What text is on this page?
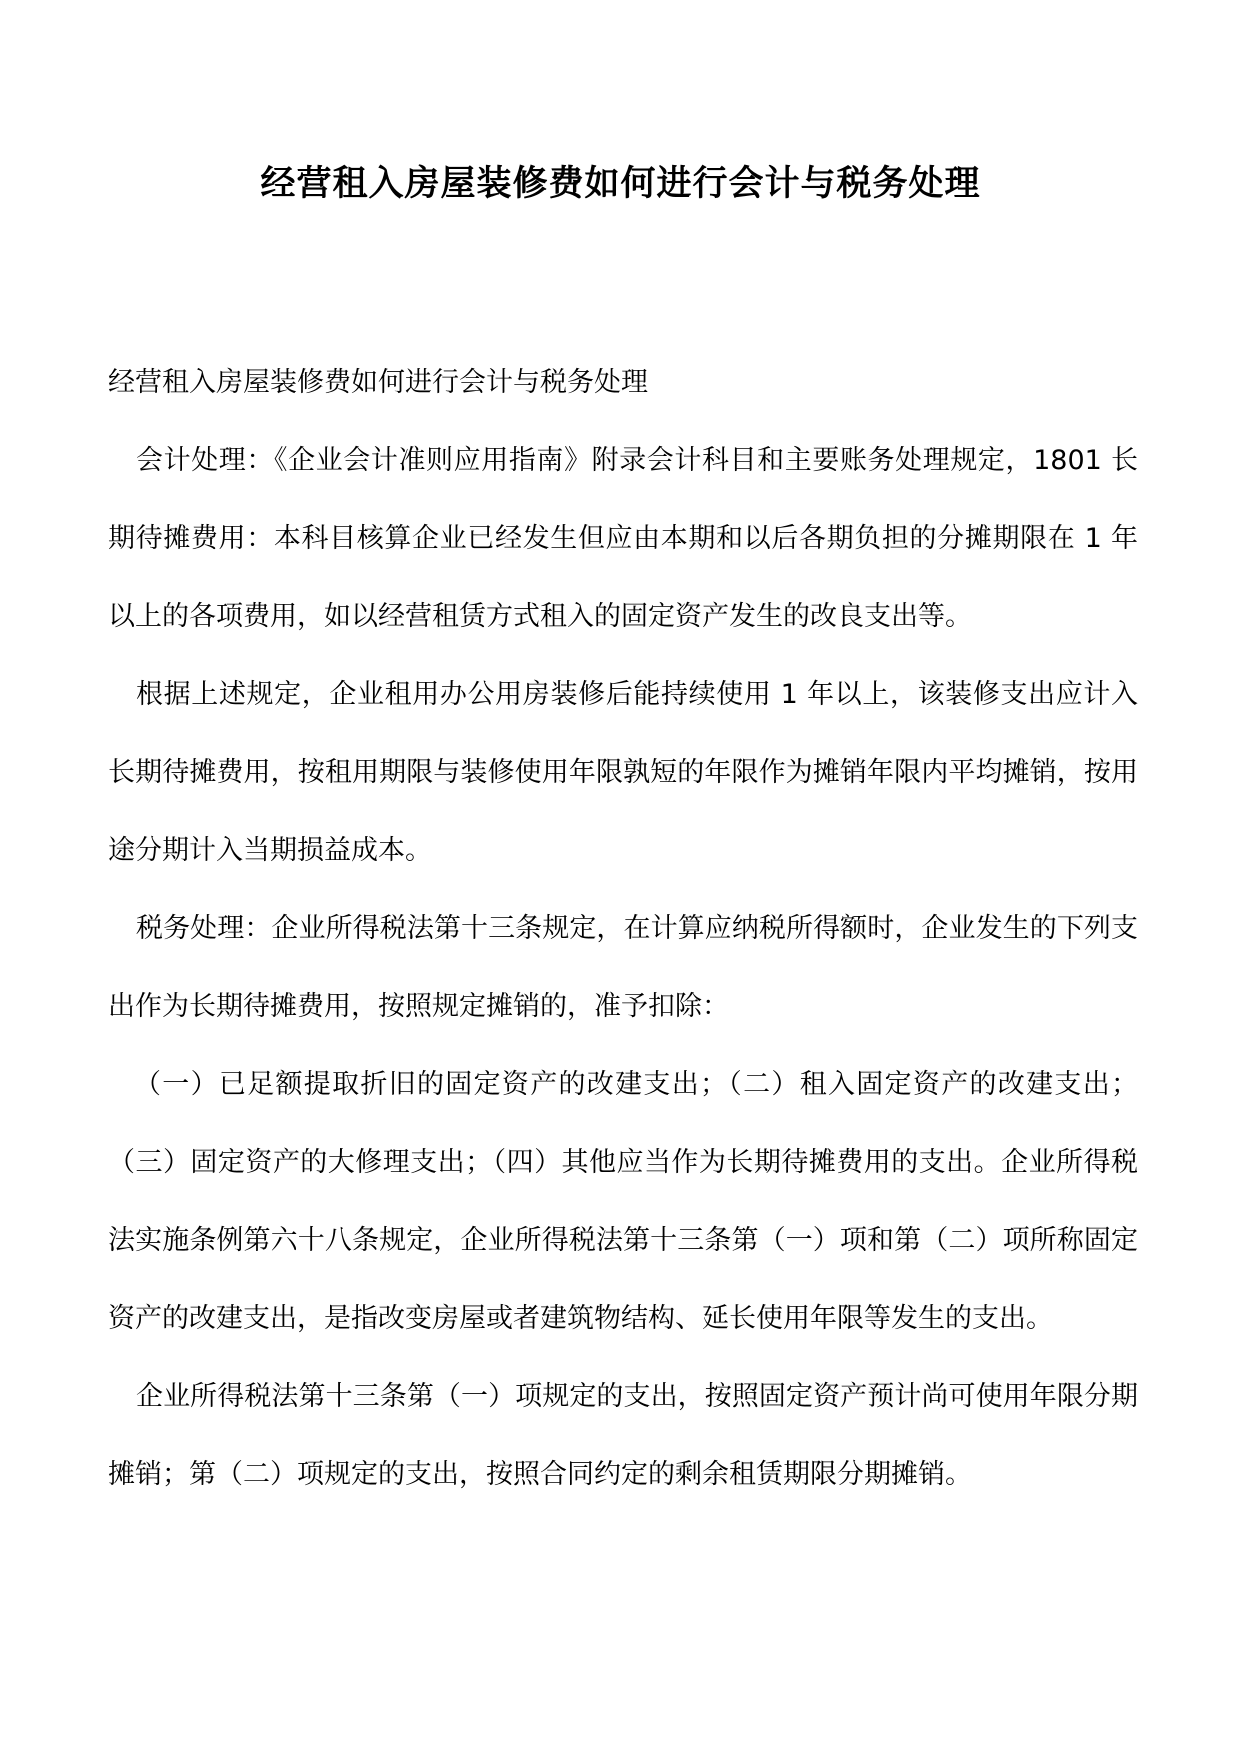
经营租入房屋装修费如何进行会计与税务处理

经营租入房屋装修费如何进行会计与税务处理

会计处理：《企业会计准则应用指南》附录会计科目和主要账务处理规定，1801 长期待摊费用：本科目核算企业已经发生但应由本期和以后各期负担的分摊期限在 1 年以上的各项费用，如以经营租赁方式租入的固定资产发生的改良支出等。

根据上述规定，企业租用办公用房装修后能持续使用 1 年以上，该装修支出应计入长期待摊费用，按租用期限与装修使用年限孰短的年限作为摊销年限内平均摊销，按用途分期计入当期损益成本。

税务处理：企业所得税法第十三条规定，在计算应纳税所得额时，企业发生的下列支出作为长期待摊费用，按照规定摊销的，准予扣除：

（一）已足额提取折旧的固定资产的改建支出；（二）租入固定资产的改建支出；（三）固定资产的大修理支出；（四）其他应当作为长期待摊费用的支出。企业所得税法实施条例第六十八条规定，企业所得税法第十三条第（一）项和第（二）项所称固定资产的改建支出，是指改变房屋或者建筑物结构、延长使用年限等发生的支出。

企业所得税法第十三条第（一）项规定的支出，按照固定资产预计尚可使用年限分期摊销；第（二）项规定的支出，按照合同约定的剩余租赁期限分期摊销。
